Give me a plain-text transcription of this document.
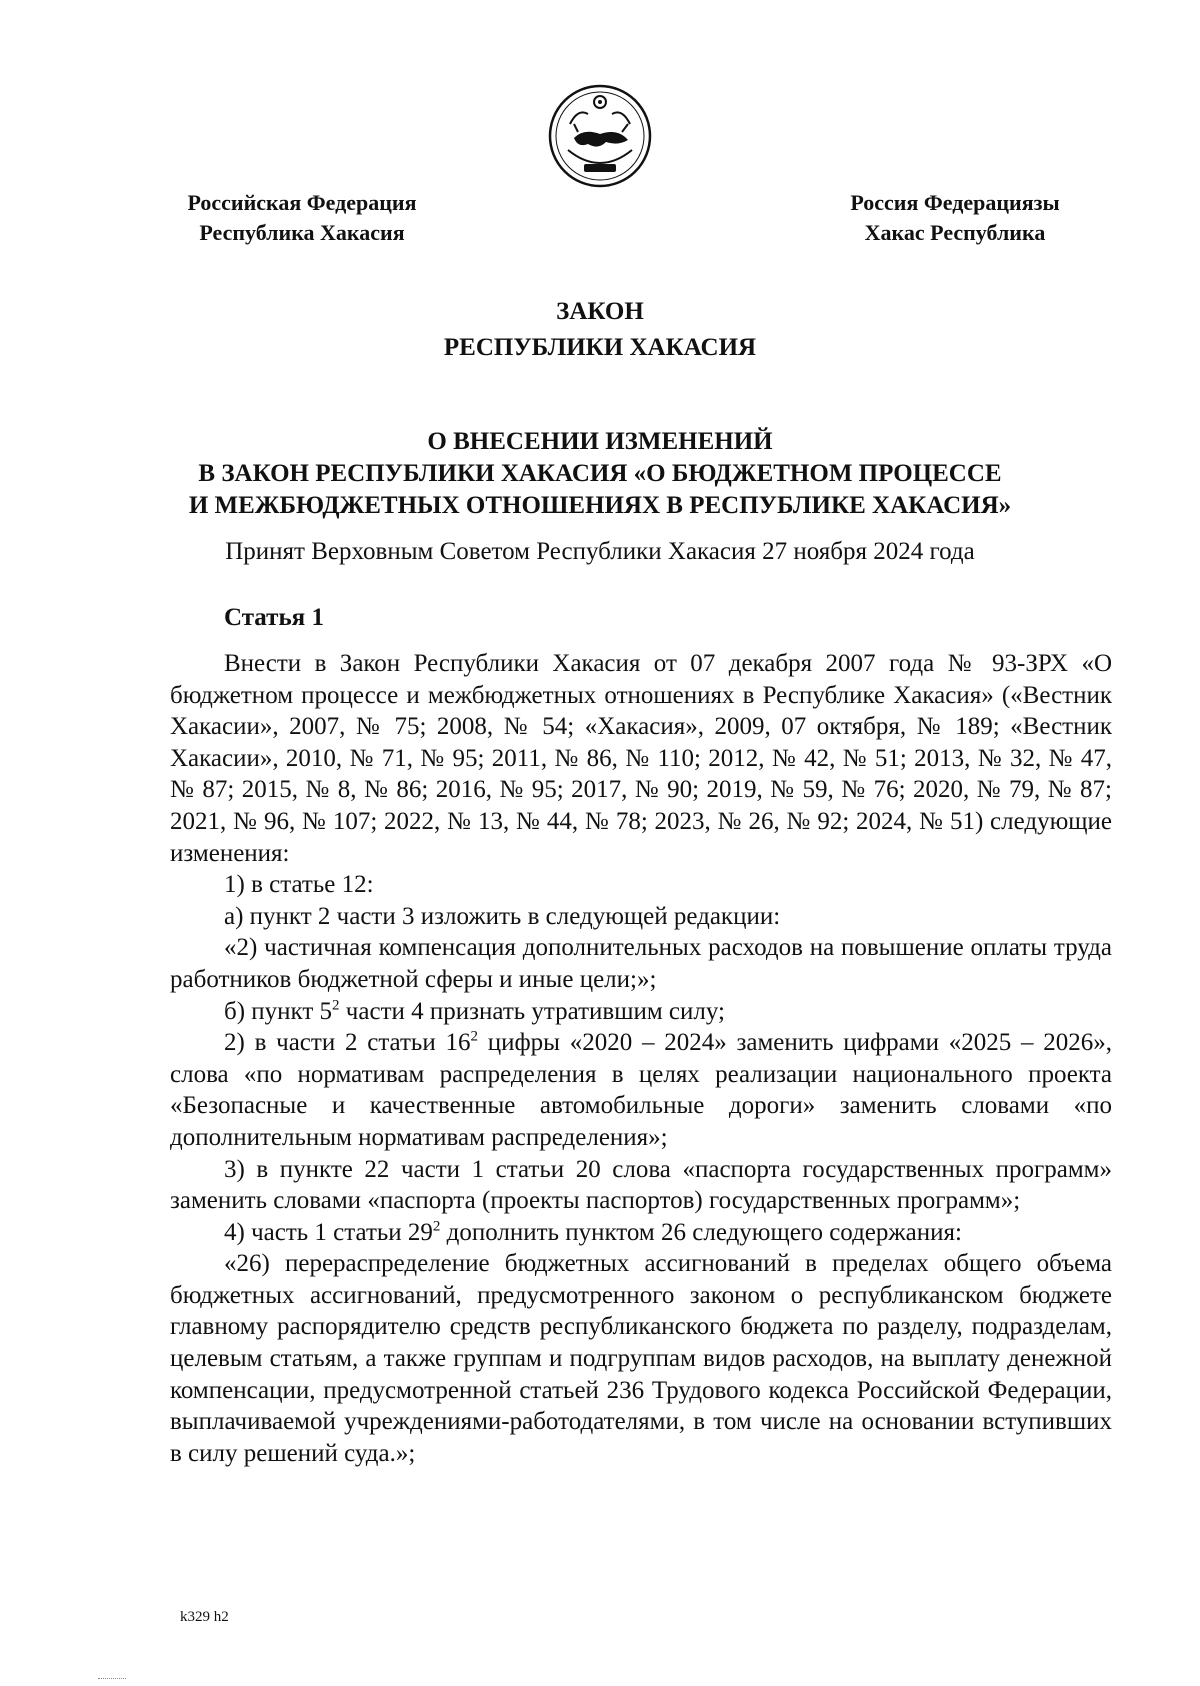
Российская Федерация
Республика Хакасия
Россия Федерациязы
Хакас Республика
ЗАКОН
РЕСПУБЛИКИ ХАКАСИЯ
О ВНЕСЕНИИ ИЗМЕНЕНИЙ
В ЗАКОН РЕСПУБЛИКИ ХАКАСИЯ «О БЮДЖЕТНОМ ПРОЦЕССЕ
И МЕЖБЮДЖЕТНЫХ ОТНОШЕНИЯХ В РЕСПУБЛИКЕ ХАКАСИЯ»
Принят Верховным Советом Республики Хакасия 27 ноября 2024 года
Статья 1

Внести в Закон Республики Хакасия от 07 декабря 2007 года № 93-ЗРХ «О бюджетном процессе и межбюджетных отношениях в Республике Хакасия» («Вестник Хакасии», 2007, № 75; 2008, № 54; «Хакасия», 2009, 07 октября, № 189; «Вестник Хакасии», 2010, № 71, № 95; 2011, № 86, № 110; 2012, № 42, № 51; 2013, № 32, № 47, № 87; 2015, № 8, № 86; 2016, № 95; 2017, № 90; 2019, № 59, № 76; 2020, № 79, № 87; 2021, № 96, № 107; 2022, № 13, № 44, № 78; 2023, № 26, № 92; 2024, № 51) следующие изменения:

1) в статье 12:

а) пункт 2 части 3 изложить в следующей редакции:

«2) частичная компенсация дополнительных расходов на повышение оплаты труда работников бюджетной сферы и иные цели;»;

б) пункт $5^2$ части 4 признать утратившим силу;

2) в части 2 статьи $16^2$ цифры «2020 – 2024» заменить цифрами «2025 – 2026», слова «по нормативам распределения в целях реализации национального проекта «Безопасные и качественные автомобильные дороги» заменить словами «по дополнительным нормативам распределения»;

3) в пункте 22 части 1 статьи 20 слова «паспорта государственных программ» заменить словами «паспорта (проекты паспортов) государственных программ»;

4) часть 1 статьи $29^2$ дополнить пунктом 26 следующего содержания:

«26) перераспределение бюджетных ассигнований в пределах общего объема бюджетных ассигнований, предусмотренного законом о республиканском бюджете главному распорядителю средств республиканского бюджета по разделу, подразделам, целевым статьям, а также группам и подгруппам видов расходов, на выплату денежной компенсации, предусмотренной статьей 236 Трудового кодекса Российской Федерации, выплачиваемой учреждениями-работодателями, в том числе на основании вступивших в силу решений суда.»;

k329 h2
